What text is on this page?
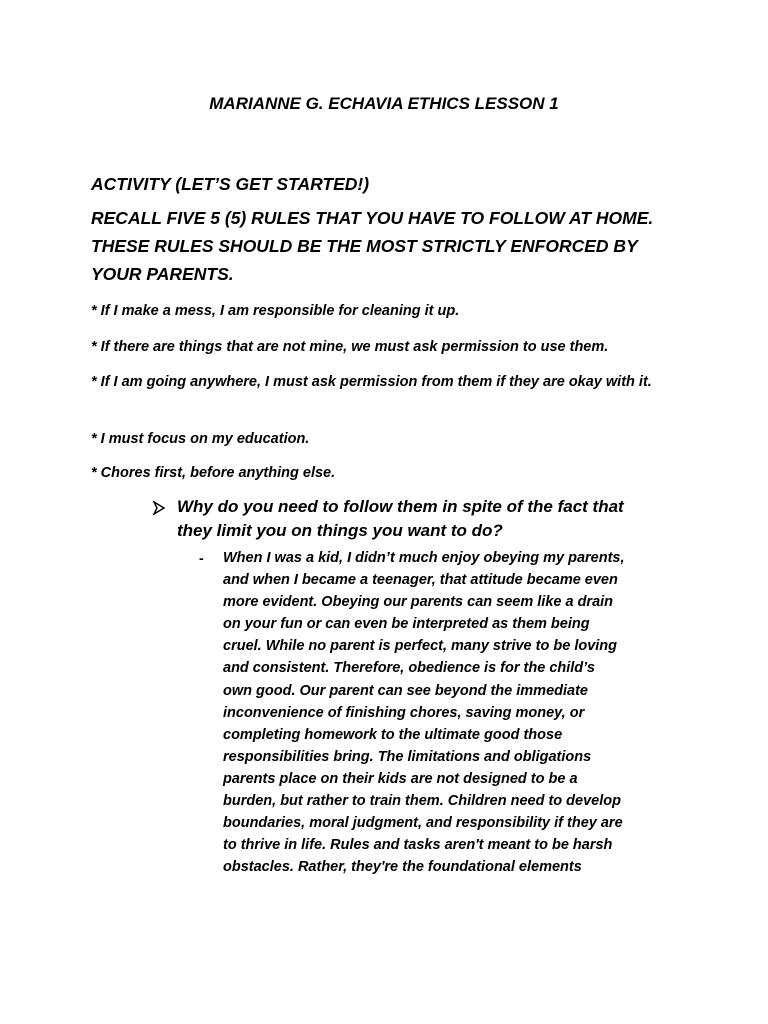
MARIANNE G. ECHAVIA ETHICS LESSON 1
ACTIVITY (LET’S GET STARTED!)
RECALL FIVE 5 (5) RULES THAT YOU HAVE TO FOLLOW AT HOME. THESE RULES SHOULD BE THE MOST STRICTLY ENFORCED BY YOUR PARENTS.
* If I make a mess, I am responsible for cleaning it up.
* If there are things that are not mine, we must ask permission to use them.
* If I am going anywhere, I must ask permission from them if they are okay with it.
* I must focus on my education.
* Chores first, before anything else.
Why do you need to follow them in spite of the fact that they limit you on things you want to do?
- When I was a kid, I didn’t much enjoy obeying my parents, and when I became a teenager, that attitude became even more evident. Obeying our parents can seem like a drain on your fun or can even be interpreted as them being cruel. While no parent is perfect, many strive to be loving and consistent. Therefore, obedience is for the child’s own good. Our parent can see beyond the immediate inconvenience of finishing chores, saving money, or completing homework to the ultimate good those responsibilities bring. The limitations and obligations parents place on their kids are not designed to be a burden, but rather to train them. Children need to develop boundaries, moral judgment, and responsibility if they are to thrive in life. Rules and tasks aren't meant to be harsh obstacles. Rather, they're the foundational elements
